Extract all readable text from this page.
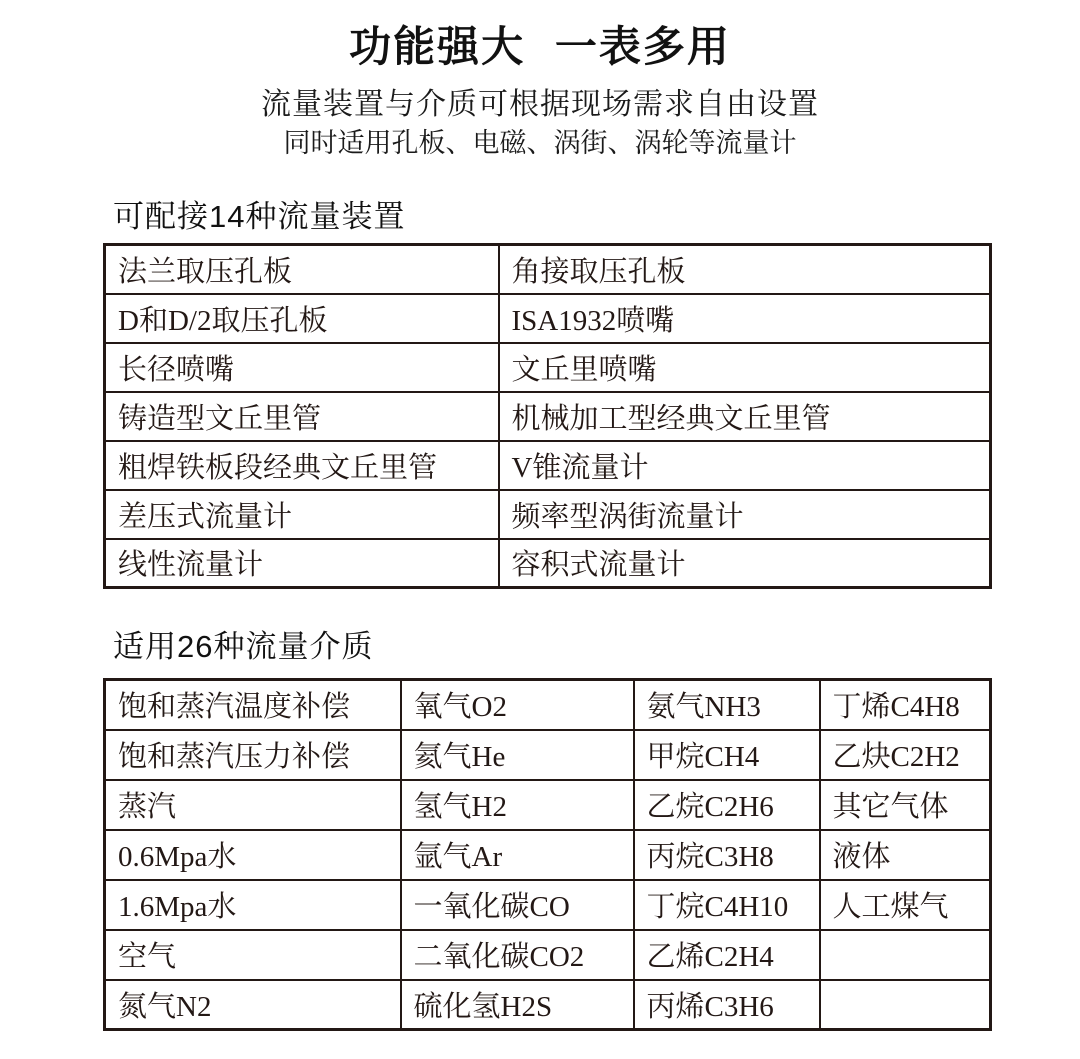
功能强大 一表多用
流量装置与介质可根据现场需求自由设置
同时适用孔板、电磁、涡街、涡轮等流量计
可配接14种流量装置
法兰取压孔板	角接取压孔板
D和D/2取压孔板	ISA1932喷嘴
长径喷嘴	文丘里喷嘴
铸造型文丘里管	机械加工型经典文丘里管
粗焊铁板段经典文丘里管	V锥流量计
差压式流量计	频率型涡街流量计
线性流量计	容积式流量计
适用26种流量介质
饱和蒸汽温度补偿	氧气O2	氨气NH3	丁烯C4H8
饱和蒸汽压力补偿	氦气He	甲烷CH4	乙炔C2H2
蒸汽	氢气H2	乙烷C2H6	其它气体
0.6Mpa水	氩气Ar	丙烷C3H8	液体
1.6Mpa水	一氧化碳CO	丁烷C4H10	人工煤气
空气	二氧化碳CO2	乙烯C2H4	
氮气N2	硫化氢H2S	丙烯C3H6	
